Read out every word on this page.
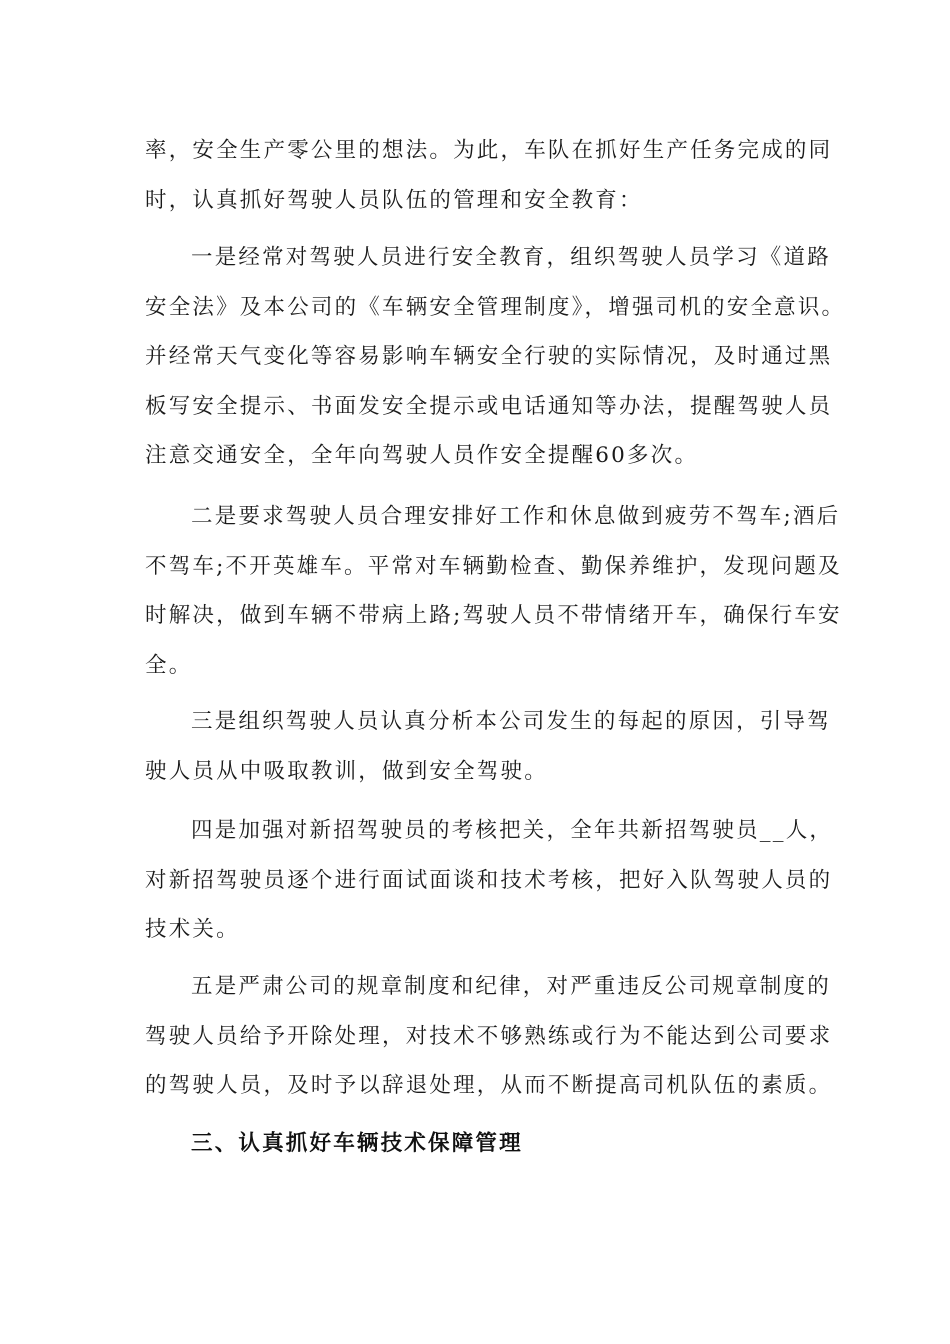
率，安全生产零公里的想法。为此，车队在抓好生产任务完成的同
时，认真抓好驾驶人员队伍的管理和安全教育：
一是经常对驾驶人员进行安全教育，组织驾驶人员学习《道路
安全法》及本公司的《车辆安全管理制度》，增强司机的安全意识。
并经常天气变化等容易影响车辆安全行驶的实际情况，及时通过黑
板写安全提示、书面发安全提示或电话通知等办法，提醒驾驶人员
注意交通安全，全年向驾驶人员作安全提醒60多次。
二是要求驾驶人员合理安排好工作和休息做到疲劳不驾车;酒后
不驾车;不开英雄车。平常对车辆勤检查、勤保养维护，发现问题及
时解决，做到车辆不带病上路;驾驶人员不带情绪开车，确保行车安
全。
三是组织驾驶人员认真分析本公司发生的每起的原因，引导驾
驶人员从中吸取教训，做到安全驾驶。
四是加强对新招驾驶员的考核把关，全年共新招驾驶员__人，
对新招驾驶员逐个进行面试面谈和技术考核，把好入队驾驶人员的
技术关。
五是严肃公司的规章制度和纪律，对严重违反公司规章制度的
驾驶人员给予开除处理，对技术不够熟练或行为不能达到公司要求
的驾驶人员，及时予以辞退处理，从而不断提高司机队伍的素质。
三、认真抓好车辆技术保障管理
